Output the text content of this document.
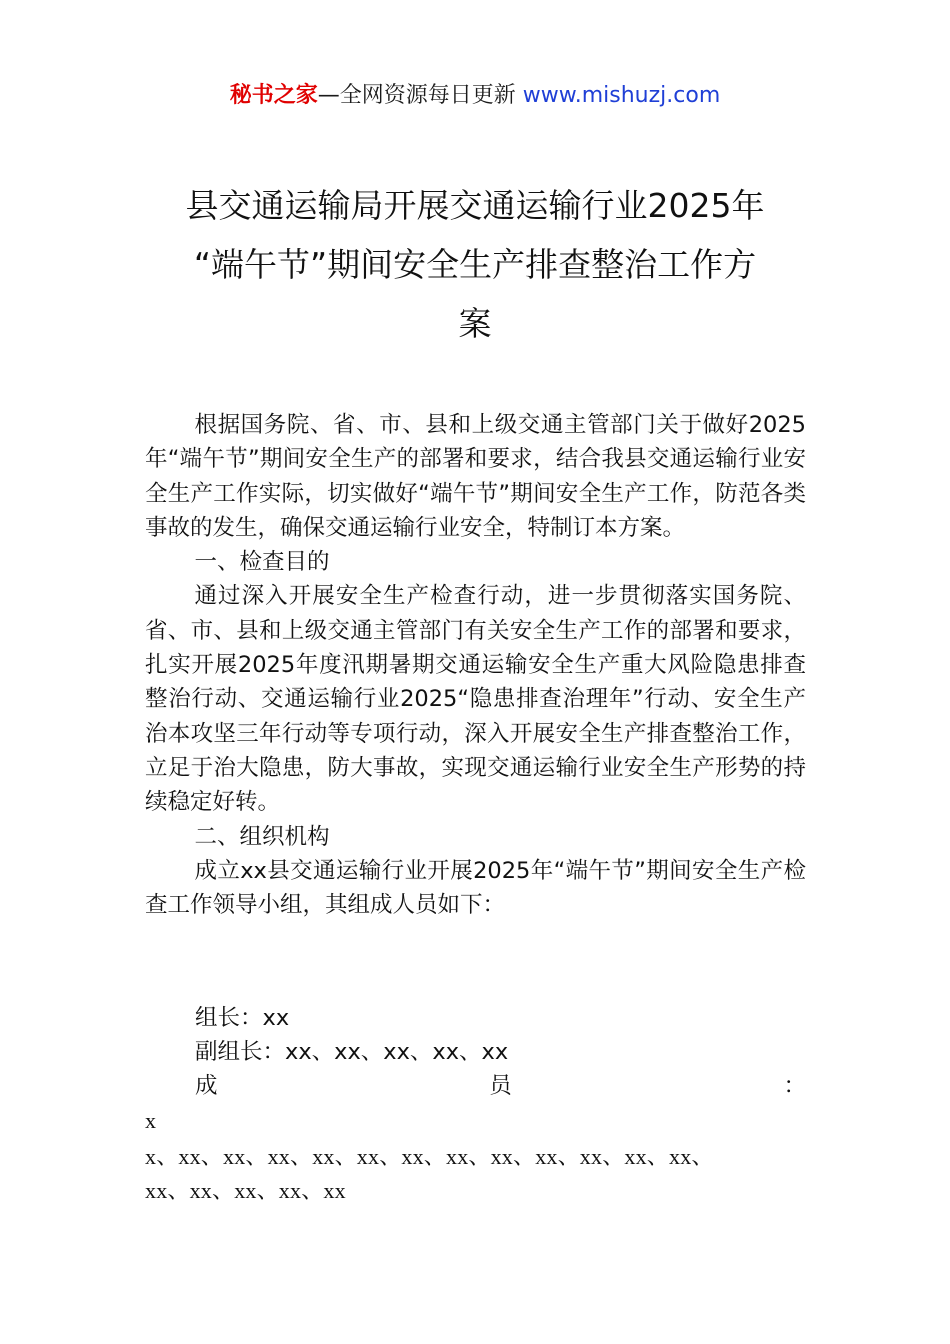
秘书之家—全网资源每日更新 www.mishuzj.com
县交通运输局开展交通运输行业2025年
“端午节”期间安全生产排查整治工作方
案

根据国务院、省、市、县和上级交通主管部门关于做好2025年“端午节”期间安全生产的部署和要求，结合我县交通运输行业安全生产工作实际，切实做好“端午节”期间安全生产工作，防范各类事故的发生，确保交通运输行业安全，特制订本方案。

一、检查目的

通过深入开展安全生产检查行动，进一步贯彻落实国务院、省、市、县和上级交通主管部门有关安全生产工作的部署和要求，扎实开展2025年度汛期暑期交通运输安全生产重大风险隐患排查整治行动、交通运输行业2025“隐患排查治理年”行动、安全生产治本攻坚三年行动等专项行动，深入开展安全生产排查整治工作，立足于治大隐患，防大事故，实现交通运输行业安全生产形势的持续稳定好转。

二、组织机构

成立xx县交通运输行业开展2025年“端午节”期间安全生产检查工作领导小组，其组成人员如下：

组长：xx
副组长：xx、xx、xx、xx、xx
成	员	：
x
x、xx、xx、xx、xx、xx、xx、xx、xx、xx、xx、xx、xx、
xx、xx、xx、xx、xx
